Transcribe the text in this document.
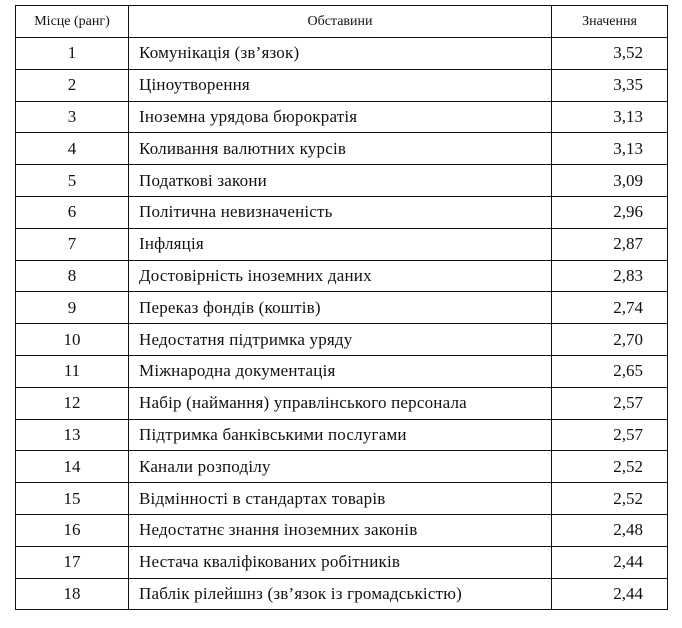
Місце (ранг)	Обставини	Значення
1	Комунікація (зв’язок)	3,52
2	Ціноутворення	3,35
3	Іноземна урядова бюрократія	3,13
4	Коливання валютних курсів	3,13
5	Податкові закони	3,09
6	Політична невизначеність	2,96
7	Інфляція	2,87
8	Достовірність іноземних даних	2,83
9	Переказ фондів (коштів)	2,74
10	Недостатня підтримка уряду	2,70
11	Міжнародна документація	2,65
12	Набір (наймання) управлінського персонала	2,57
13	Підтримка банківськими послугами	2,57
14	Канали розподілу	2,52
15	Відмінності в стандартах товарів	2,52
16	Недостатнє знання іноземних законів	2,48
17	Нестача кваліфікованих робітників	2,44
18	Паблік рілейшнз (зв’язок із громадськістю)	2,44
